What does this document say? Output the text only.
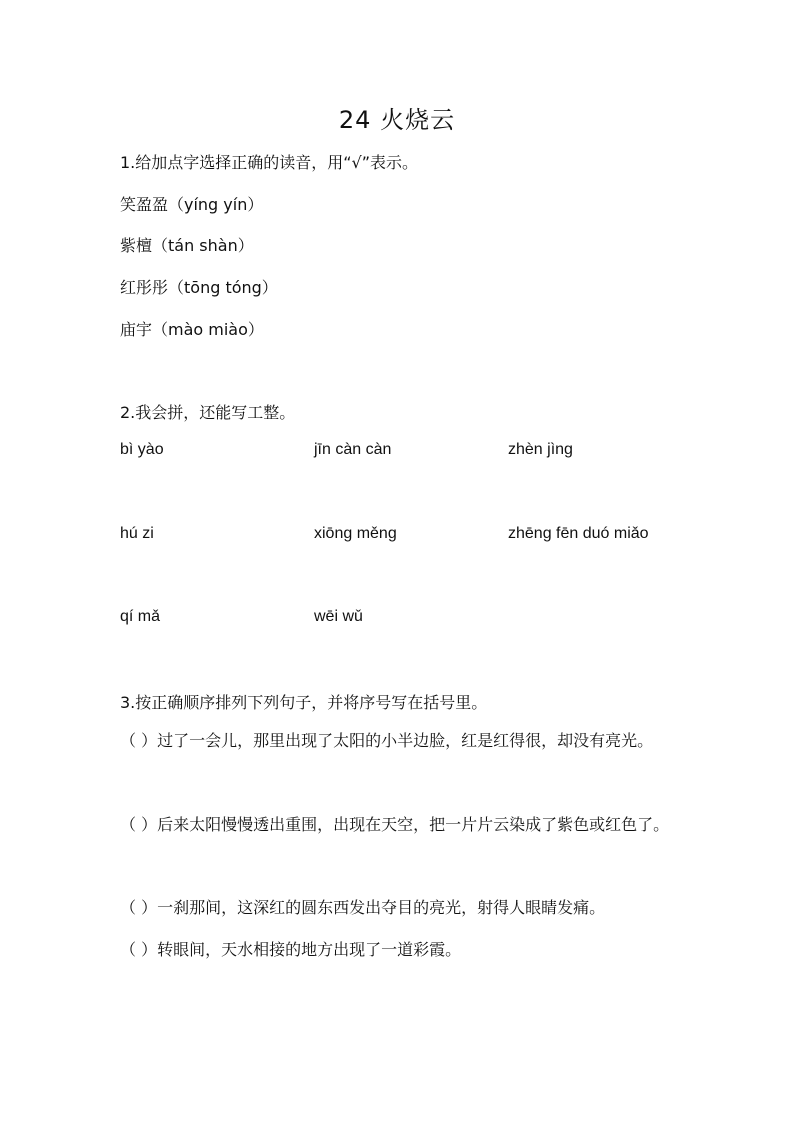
24 火烧云
1.给加点字选择正确的读音，用“√”表示。
笑盈盈（yíng yín）
紫檀（tán shàn）
红彤彤（tōng tóng）
庙宇（mào miào）
2.我会拼，还能写工整。
bì yào	jīn càn càn	zhèn jìng
hú zi	xiōng měng	zhēng fēn duó miǎo
qí mǎ	wēi wǔ
3.按正确顺序排列下列句子，并将序号写在括号里。
（ ）过了一会儿，那里出现了太阳的小半边脸，红是红得很，却没有亮光。
（ ）后来太阳慢慢透出重围，出现在天空，把一片片云染成了紫色或红色了。
（ ）一刹那间，这深红的圆东西发出夺目的亮光，射得人眼睛发痛。
（ ）转眼间，天水相接的地方出现了一道彩霞。
